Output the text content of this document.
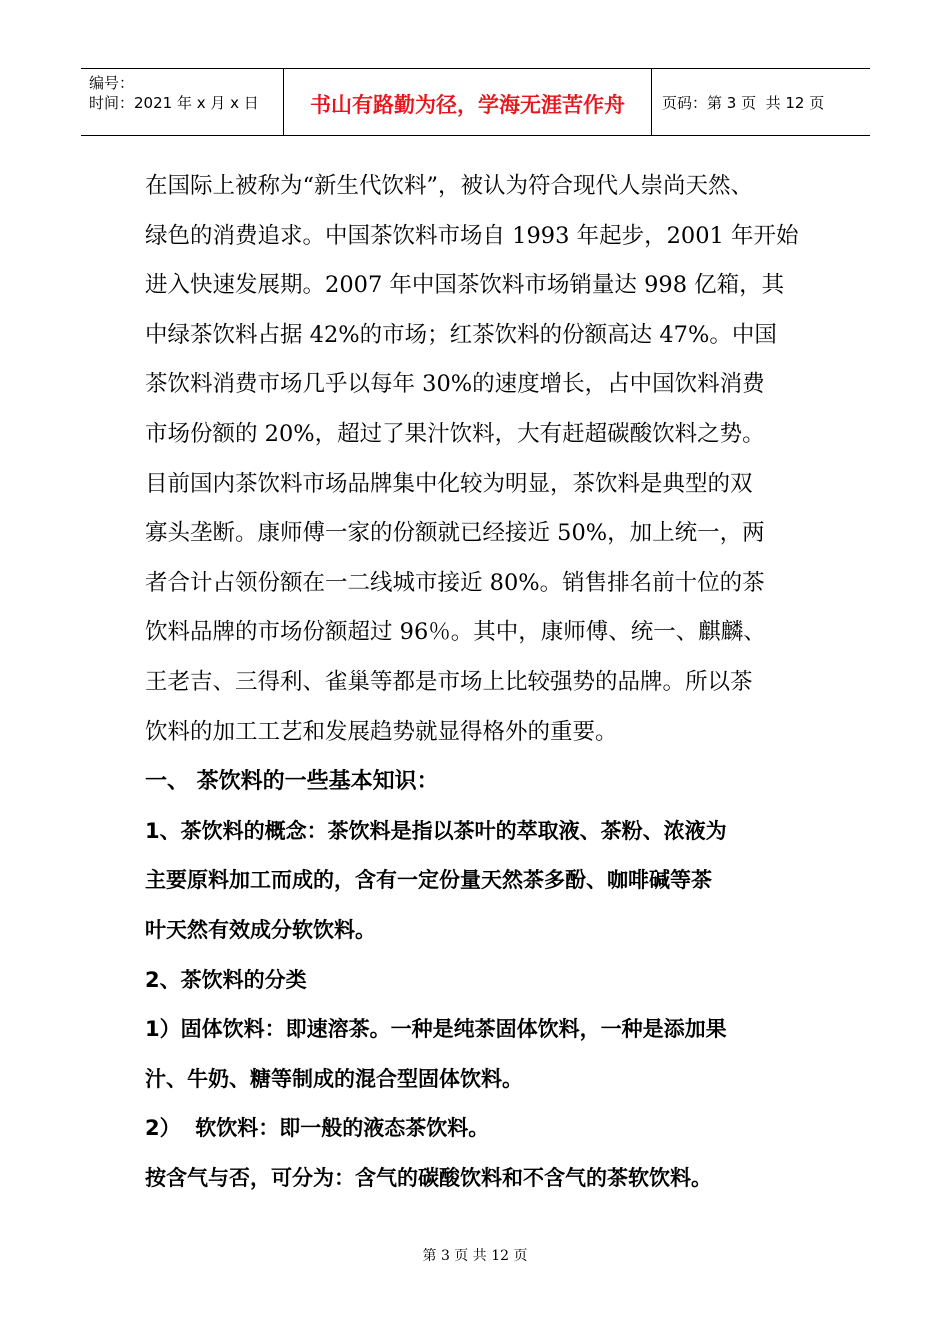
编号：
时间：2021 年 x 月 x 日	书山有路勤为径，学海无涯苦作舟	页码：第 3 页  共 12 页
在国际上被称为“新生代饮料”，被认为符合现代人崇尚天然、
绿色的消费追求。中国茶饮料市场自 1993 年起步，2001 年开始
进入快速发展期。2007 年中国茶饮料市场销量达 998 亿箱，其
中绿茶饮料占据 42%的市场；红茶饮料的份额高达 47%。中国
茶饮料消费市场几乎以每年 30%的速度增长，占中国饮料消费
市场份额的 20%，超过了果汁饮料，大有赶超碳酸饮料之势。
目前国内茶饮料市场品牌集中化较为明显，茶饮料是典型的双
寡头垄断。康师傅一家的份额就已经接近 50%，加上统一，两
者合计占领份额在一二线城市接近 80%。销售排名前十位的茶
饮料品牌的市场份额超过 96％。其中，康师傅、统一、麒麟、
王老吉、三得利、雀巢等都是市场上比较强势的品牌。所以茶
饮料的加工工艺和发展趋势就显得格外的重要。
一、 茶饮料的一些基本知识：
1、茶饮料的概念：茶饮料是指以茶叶的萃取液、茶粉、浓液为
主要原料加工而成的，含有一定份量天然茶多酚、咖啡碱等茶
叶天然有效成分软饮料。
2、茶饮料的分类
1）固体饮料：即速溶茶。一种是纯茶固体饮料，一种是添加果
汁、牛奶、糖等制成的混合型固体饮料。
2）  软饮料：即一般的液态茶饮料。
按含气与否，可分为：含气的碳酸饮料和不含气的茶软饮料。
第 3 页 共 12 页
